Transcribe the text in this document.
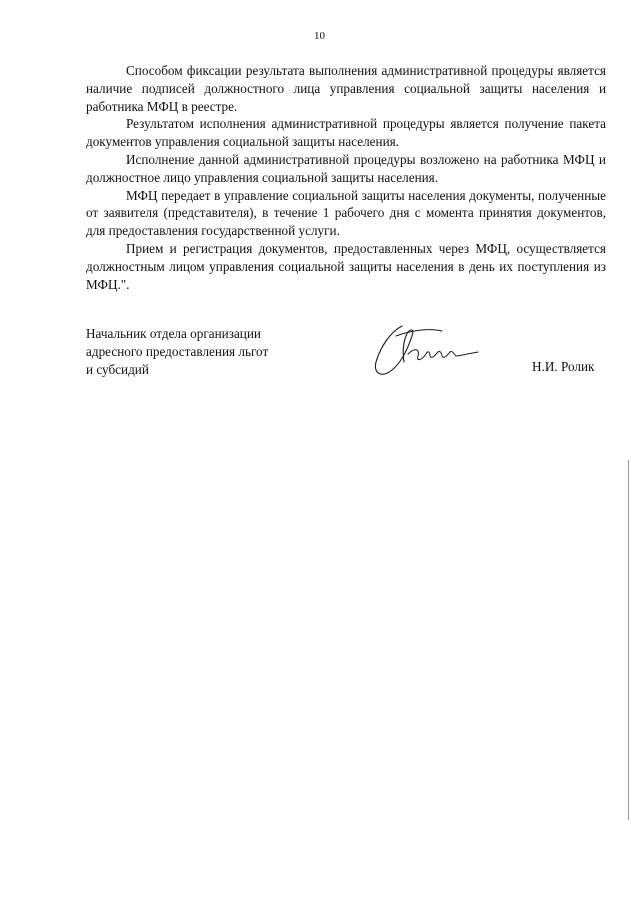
10

Способом фиксации результата выполнения административной процедуры является наличие подписей должностного лица управления социальной защиты населения и работника МФЦ в реестре.

Результатом исполнения административной процедуры является получение пакета документов управления социальной защиты населения.

Исполнение данной административной процедуры возложено на работника МФЦ и должностное лицо управления социальной защиты населения.

МФЦ передает в управление социальной защиты населения документы, полученные от заявителя (представителя), в течение 1 рабочего дня с момента принятия документов, для предоставления государственной услуги.

Прием и регистрация документов, предоставленных через МФЦ, осуществляется должностным лицом управления социальной защиты населения в день их поступления из МФЦ.".

Начальник отдела организации
адресного предоставления льгот
и субсидий	Н.И. Ролик
